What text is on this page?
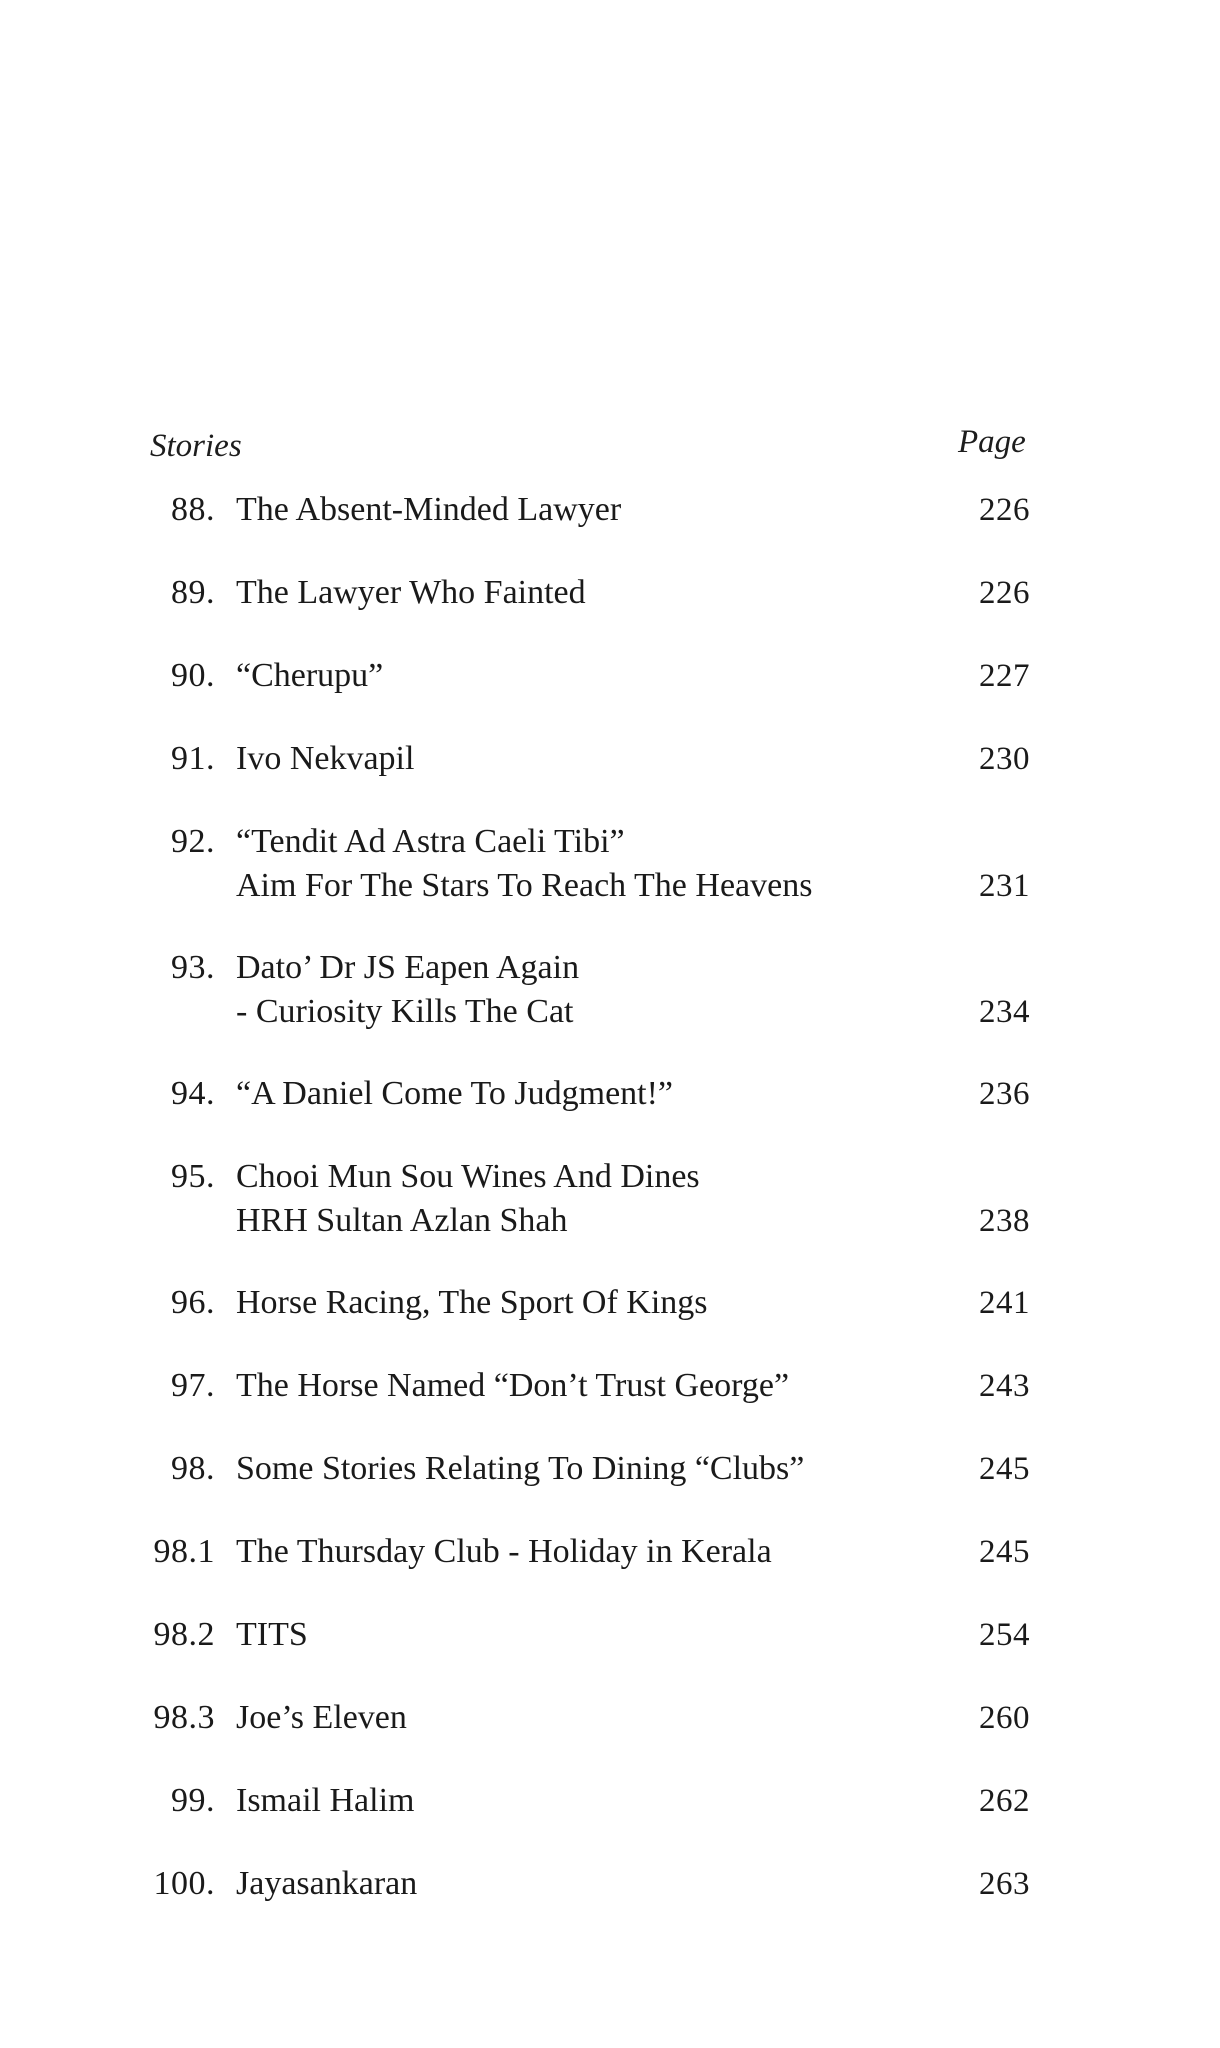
Stories	Page
88. The Absent-Minded Lawyer	226
89. The Lawyer Who Fainted	226
90. “Cherupu”	227
91. Ivo Nekvapil	230
92. “Tendit Ad Astra Caeli Tibi”
Aim For The Stars To Reach The Heavens	231
93. Dato’ Dr JS Eapen Again
- Curiosity Kills The Cat	234
94. “A Daniel Come To Judgment!”	236
95. Chooi Mun Sou Wines And Dines
HRH Sultan Azlan Shah	238
96. Horse Racing, The Sport Of Kings	241
97. The Horse Named “Don’t Trust George”	243
98. Some Stories Relating To Dining “Clubs”	245
98.1 The Thursday Club - Holiday in Kerala	245
98.2 TITS	254
98.3 Joe’s Eleven	260
99. Ismail Halim	262
100. Jayasankaran	263
